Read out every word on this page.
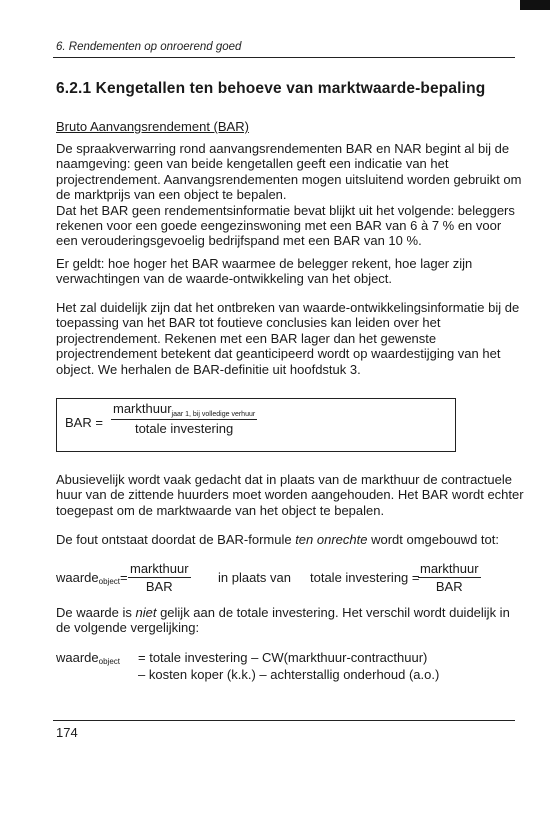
6. Rendementen op onroerend goed
6.2.1 Kengetallen ten behoeve van marktwaarde-bepaling
Bruto Aanvangsrendement (BAR)

De spraakverwarring rond aanvangsrendementen BAR en NAR begint al bij de
naamgeving: geen van beide kengetallen geeft een indicatie van het
projectrendement. Aanvangsrendementen mogen uitsluitend worden gebruikt om
de marktprijs van een object te bepalen.
Dat het BAR geen rendementsinformatie bevat blijkt uit het volgende: beleggers
rekenen voor een goede eengezinswoning met een BAR van 6 à 7 % en voor
een verouderingsgevoelig bedrijfspand met een BAR van 10 %.

Er geldt: hoe hoger het BAR waarmee de belegger rekent, hoe lager zijn
verwachtingen van de waarde-ontwikkeling van het object.

Het zal duidelijk zijn dat het ontbreken van waarde-ontwikkelingsinformatie bij de
toepassing van het BAR tot foutieve conclusies kan leiden over het
projectrendement. Rekenen met een BAR lager dan het gewenste
projectrendement betekent dat geanticipeerd wordt op waardestijging van het
object. We herhalen de BAR-definitie uit hoofdstuk 3.

BAR =
markthuur$_{jaar 1, bij volledige verhuur}$
totale investering

Abusievelijk wordt vaak gedacht dat in plaats van de markthuur de contractuele
huur van de zittende huurders moet worden aangehouden. Het BAR wordt echter
toegepast om de marktwaarde van het object te bepalen.

De fout ontstaat doordat de BAR-formule ten onrechte wordt omgebouwd tot:

waarde$_{object}$=
markthuur
BAR
in plaats van totale investering =
markthuur
BAR

De waarde is niet gelijk aan de totale investering. Het verschil wordt duidelijk in
de volgende vergelijking:

waarde$_{object}$ = totale investering – CW(markthuur-contracthuur)
– kosten koper (k.k.) – achterstallig onderhoud (a.o.)
174
